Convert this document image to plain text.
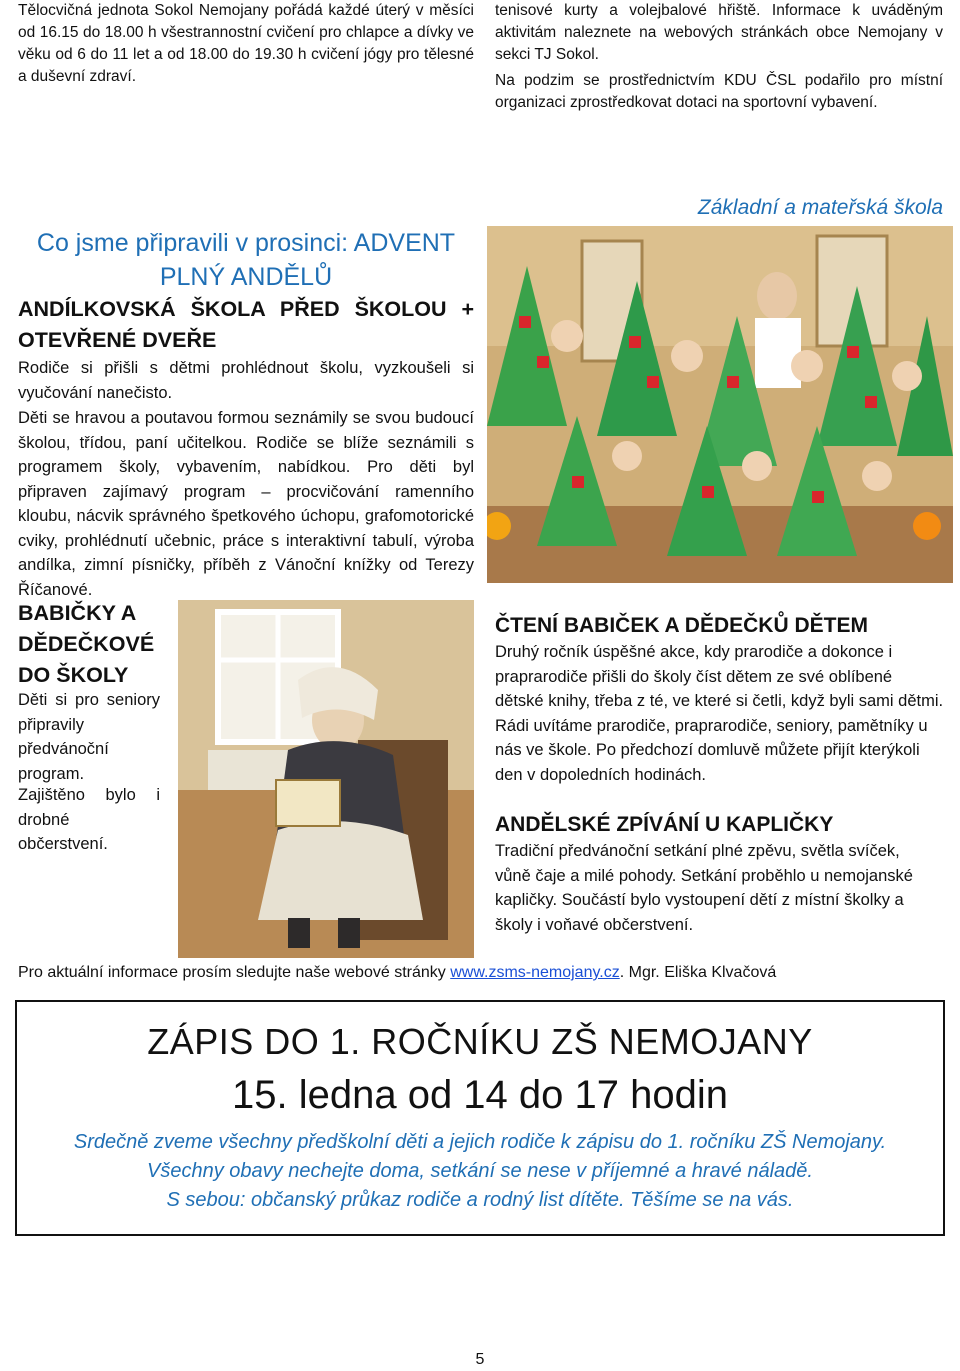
Tělocvičná jednota Sokol Nemojany pořádá každé úterý v měsíci od 16.15 do 18.00 h všestrannostní cvičení pro chlapce a dívky ve věku od 6 do 11 let a od 18.00 do 19.30 h cvičení jógy pro tělesné a duševní zdraví.
tenisové kurty a volejbalové hřiště. Informace k uváděným aktivitám naleznete na webových stránkách obce Nemojany v sekci TJ Sokol.
Na podzim se prostřednictvím KDU ČSL podařilo pro místní organizaci zprostředkovat dotaci na sportovní vybavení.
Základní a mateřská škola
Co jsme připravili v prosinci: ADVENT PLNÝ ANDĚLŮ
ANDÍLKOVSKÁ ŠKOLA PŘED ŠKOLOU + OTEVŘENÉ DVEŘE
Rodiče si přišli s dětmi prohlédnout školu, vyzkoušeli si vyučování nanečisto.
Děti se hravou a poutavou formou seznámily se svou budoucí školou, třídou, paní učitelkou. Rodiče se blíže seznámili s programem školy, vybavením, nabídkou. Pro děti byl připraven zajímavý program – procvičování ramenního kloubu, nácvik správného špetkového úchopu, grafomotorické cviky, prohlédnutí učebnic, práce s interaktivní tabulí, výroba andílka, zimní písničky, příběh z Vánoční knížky od Terezy Říčanové.
BABIČKY A DĚDEČKOVÉ DO ŠKOLY
Děti si pro seniory připravily předvánoční program.
Zajištěno bylo i drobné občerstvení.
ČTENÍ BABIČEK A DĚDEČKŮ DĚTEM
Druhý ročník úspěšné akce, kdy prarodiče a dokonce i praprarodiče přišli do školy číst dětem ze své oblíbené dětské knihy, třeba z té, ve které si četli, když byli sami dětmi. Rádi uvítáme prarodiče, praprarodiče, seniory, pamětníky u nás ve škole. Po předchozí domluvě můžete přijít kterýkoli den v dopoledních hodinách.
ANDĚLSKÉ ZPÍVÁNÍ U KAPLIČKY
Tradiční předvánoční setkání plné zpěvu, světla svíček, vůně čaje a milé pohody. Setkání proběhlo u nemojanské kapličky. Součástí bylo vystoupení dětí z místní školky a školy i voňavé občerstvení.
Pro aktuální informace prosím sledujte naše webové stránky www.zsms-nemojany.cz. Mgr. Eliška Klvačová
ZÁPIS DO 1. ROČNÍKU ZŠ NEMOJANY
15. ledna od 14 do 17 hodin
Srdečně zveme všechny předškolní děti a jejich rodiče k zápisu do 1. ročníku ZŠ Nemojany. Všechny obavy nechejte doma, setkání se nese v příjemné a hravé náladě.
S sebou: občanský průkaz rodiče a rodný list dítěte. Těšíme se na vás.
5
